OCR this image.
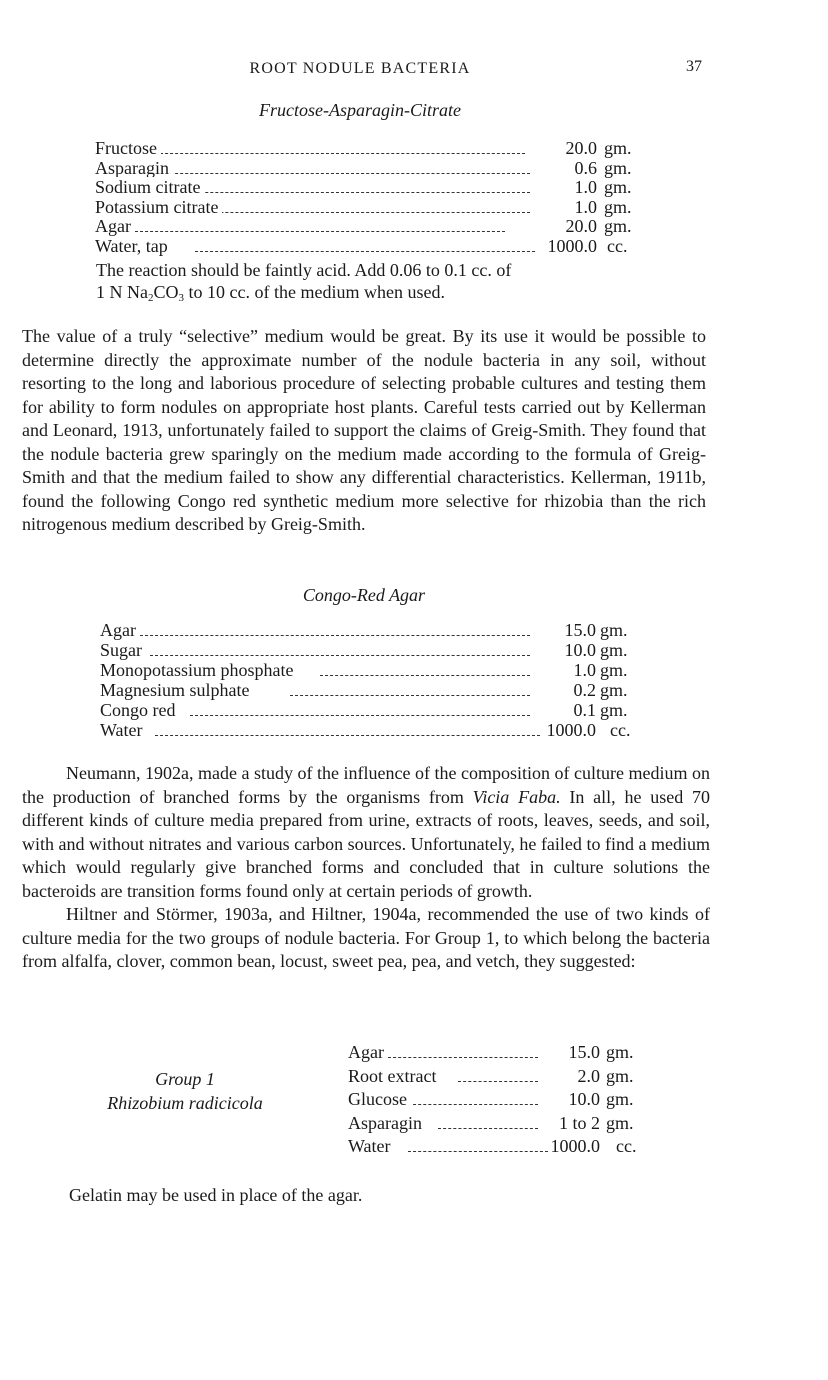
ROOT NODULE BACTERIA	37
Fructose-Asparagin-Citrate
Fructose	20.0 gm.
Asparagin	0.6 gm.
Sodium citrate	1.0 gm.
Potassium citrate	1.0 gm.
Agar	20.0 gm.
Water, tap	1000.0 cc.
The reaction should be faintly acid. Add 0.06 to 0.1 cc. of
1 N $Na_2CO_3$ to 10 cc. of the medium when used.

The value of a truly “selective” medium would be great. By its use it would be possible to determine directly the approximate number of the nodule bacteria in any soil, without resorting to the long and laborious procedure of selecting probable cultures and testing them for ability to form nodules on appropriate host plants. Careful tests carried out by Kellerman and Leonard, 1913, unfortunately failed to support the claims of Greig-Smith. They found that the nodule bacteria grew sparingly on the medium made according to the formula of Greig-Smith and that the medium failed to show any differential characteristics. Kellerman, 1911b, found the following Congo red synthetic medium more selective for rhizobia than the rich nitrogenous medium described by Greig-Smith.

Congo-Red Agar
Agar	15.0 gm.
Sugar	10.0 gm.
Monopotassium phosphate	1.0 gm.
Magnesium sulphate	0.2 gm.
Congo red	0.1 gm.
Water	1000.0 cc.

Neumann, 1902a, made a study of the influence of the composition of culture medium on the production of branched forms by the organisms from Vicia Faba. In all, he used 70 different kinds of culture media prepared from urine, extracts of roots, leaves, seeds, and soil, with and without nitrates and various carbon sources. Unfortunately, he failed to find a medium which would regularly give branched forms and concluded that in culture solutions the bacteroids are transition forms found only at certain periods of growth.

Hiltner and Störmer, 1903a, and Hiltner, 1904a, recommended the use of two kinds of culture media for the two groups of nodule bacteria. For Group 1, to which belong the bacteria from alfalfa, clover, common bean, locust, sweet pea, pea, and vetch, they suggested:

Group 1
Rhizobium radicicola
Agar	15.0 gm.
Root extract	2.0 gm.
Glucose	10.0 gm.
Asparagin	1 to 2 gm.
Water	1000.0 cc.
Gelatin may be used in place of the agar.
